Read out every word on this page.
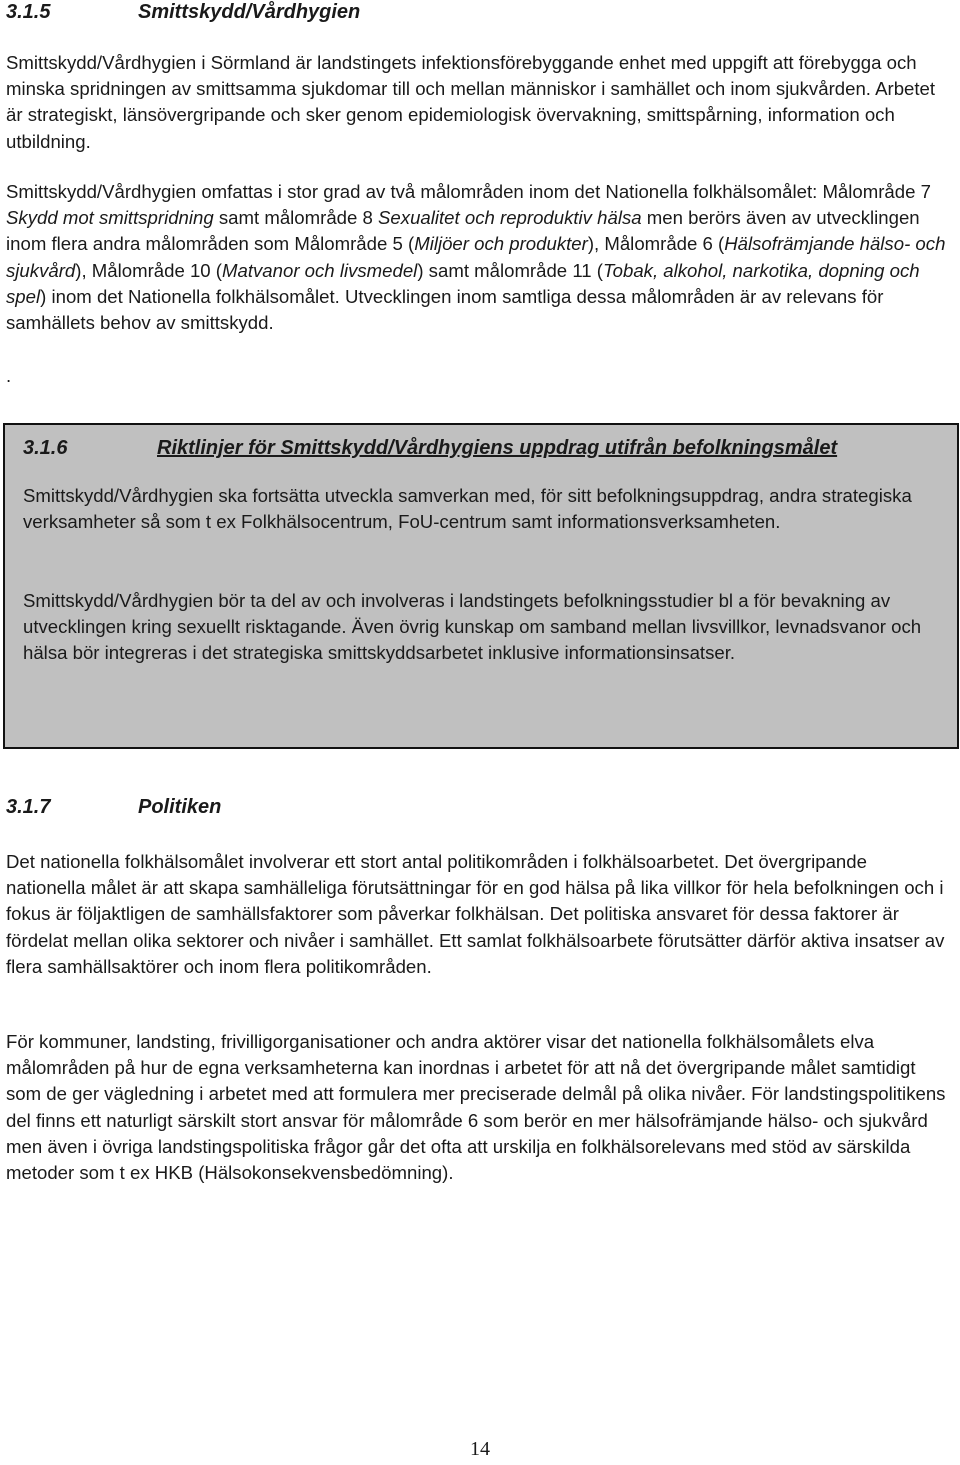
3.1.5	Smittskydd/Vårdhygien

Smittskydd/Vårdhygien i Sörmland är landstingets infektionsförebyggande enhet med uppgift att förebygga och minska spridningen av smittsamma sjukdomar till och mellan människor i samhället och inom sjukvården. Arbetet är strategiskt, länsövergripande och sker genom epidemiologisk övervakning, smittspårning, information och utbildning.

Smittskydd/Vårdhygien omfattas i stor grad av två målområden inom det Nationella folkhälsomålet: Målområde 7 Skydd mot smittspridning samt målområde 8 Sexualitet och reproduktiv hälsa men berörs även av utvecklingen inom flera andra målområden som Målområde 5 (Miljöer och produkter), Målområde 6 (Hälsofrämjande hälso- och sjukvård), Målområde 10 (Matvanor och livsmedel) samt målområde 11 (Tobak, alkohol, narkotika, dopning och spel) inom det Nationella folkhälsomålet. Utvecklingen inom samtliga dessa målområden är av relevans för samhällets behov av smittskydd.

.
3.1.6	Riktlinjer för Smittskydd/Vårdhygiens uppdrag utifrån befolkningsmålet

Smittskydd/Vårdhygien ska fortsätta utveckla samverkan med, för sitt befolkningsuppdrag, andra strategiska verksamheter så som t ex Folkhälsocentrum, FoU-centrum samt informationsverksamheten.

Smittskydd/Vårdhygien bör ta del av och involveras i landstingets befolkningsstudier bl a för bevakning av utvecklingen kring sexuellt risktagande. Även övrig kunskap om samband mellan livsvillkor, levnadsvanor och hälsa bör integreras i det strategiska smittskyddsarbetet inklusive informationsinsatser.

3.1.7	Politiken

Det nationella folkhälsomålet involverar ett stort antal politikområden i folkhälsoarbetet. Det övergripande nationella målet är att skapa samhälleliga förutsättningar för en god hälsa på lika villkor för hela befolkningen och i fokus är följaktligen de samhällsfaktorer som påverkar folkhälsan. Det politiska ansvaret för dessa faktorer är fördelat mellan olika sektorer och nivåer i samhället. Ett samlat folkhälsoarbete förutsätter därför aktiva insatser av flera samhällsaktörer och inom flera politikområden.

För kommuner, landsting, frivilligorganisationer och andra aktörer visar det nationella folkhälsomålets elva målområden på hur de egna verksamheterna kan inordnas i arbetet för att nå det övergripande målet samtidigt som de ger vägledning i arbetet med att formulera mer preciserade delmål på olika nivåer. För landstingspolitikens del finns ett naturligt särskilt stort ansvar för målområde 6 som berör en mer hälsofrämjande hälso- och sjukvård men även i övriga landstingspolitiska frågor går det ofta att urskilja en folkhälsorelevans med stöd av särskilda metoder som t ex HKB (Hälsokonsekvensbedömning).

14
